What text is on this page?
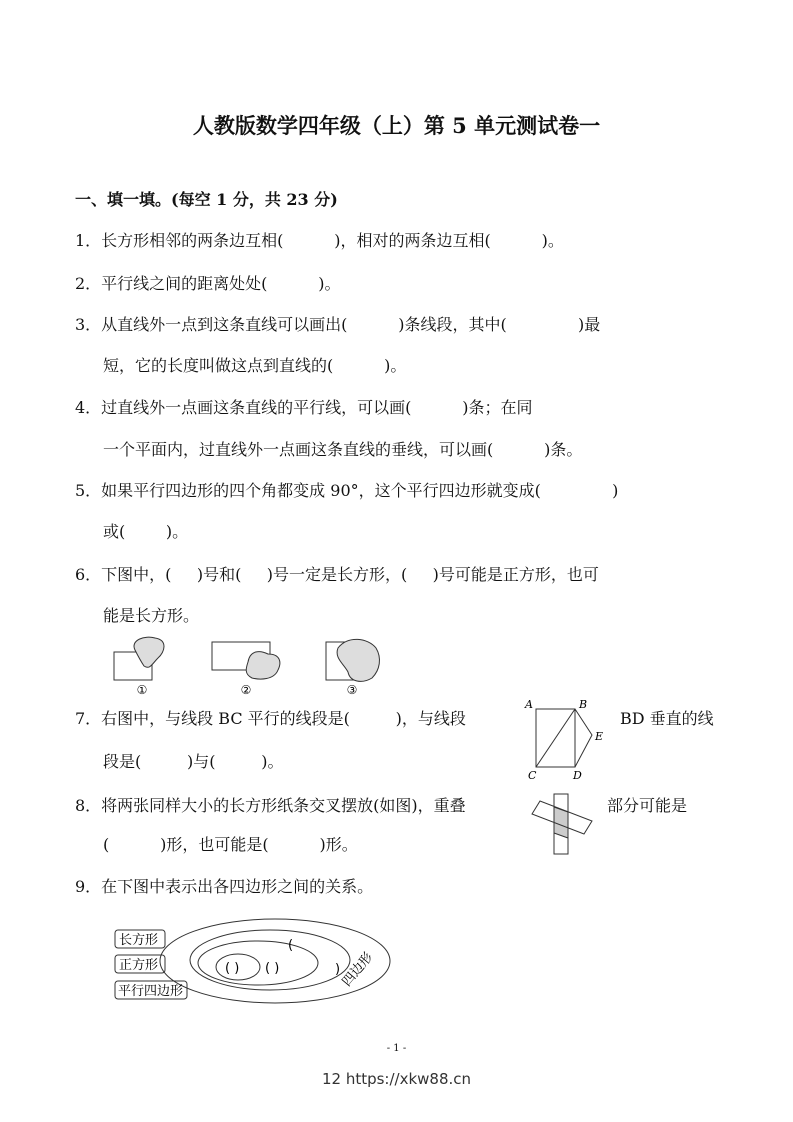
人教版数学四年级（上）第 5 单元测试卷一
一、填一填。(每空 1 分，共 23 分)
1．长方形相邻的两条边互相(          )，相对的两条边互相(          )。
2．平行线之间的距离处处(          )。
3．从直线外一点到这条直线可以画出(          )条线段，其中(              )最
短，它的长度叫做这点到直线的(          )。
4．过直线外一点画这条直线的平行线，可以画(          )条；在同
一个平面内，过直线外一点画这条直线的垂线，可以画(          )条。
5．如果平行四边形的四个角都变成 90°，这个平行四边形就变成(              )
或(        )。
6．下图中，(     )号和(     )号一定是长方形，(     )号可能是正方形，也可
能是长方形。
①	②	③
7．右图中，与线段 BC 平行的线段是(         )，与线段	BD 垂直的线
段是(         )与(         )。
A	B
C	D
E
8．将两张同样大小的长方形纸条交叉摆放(如图)，重叠	部分可能是
(          )形，也可能是(          )形。
9．在下图中表示出各四边形之间的关系。
长方形
正方形
平行四边形
( ) ( )
(
) 四边形
- 1 -
12 https://xkw88.cn
